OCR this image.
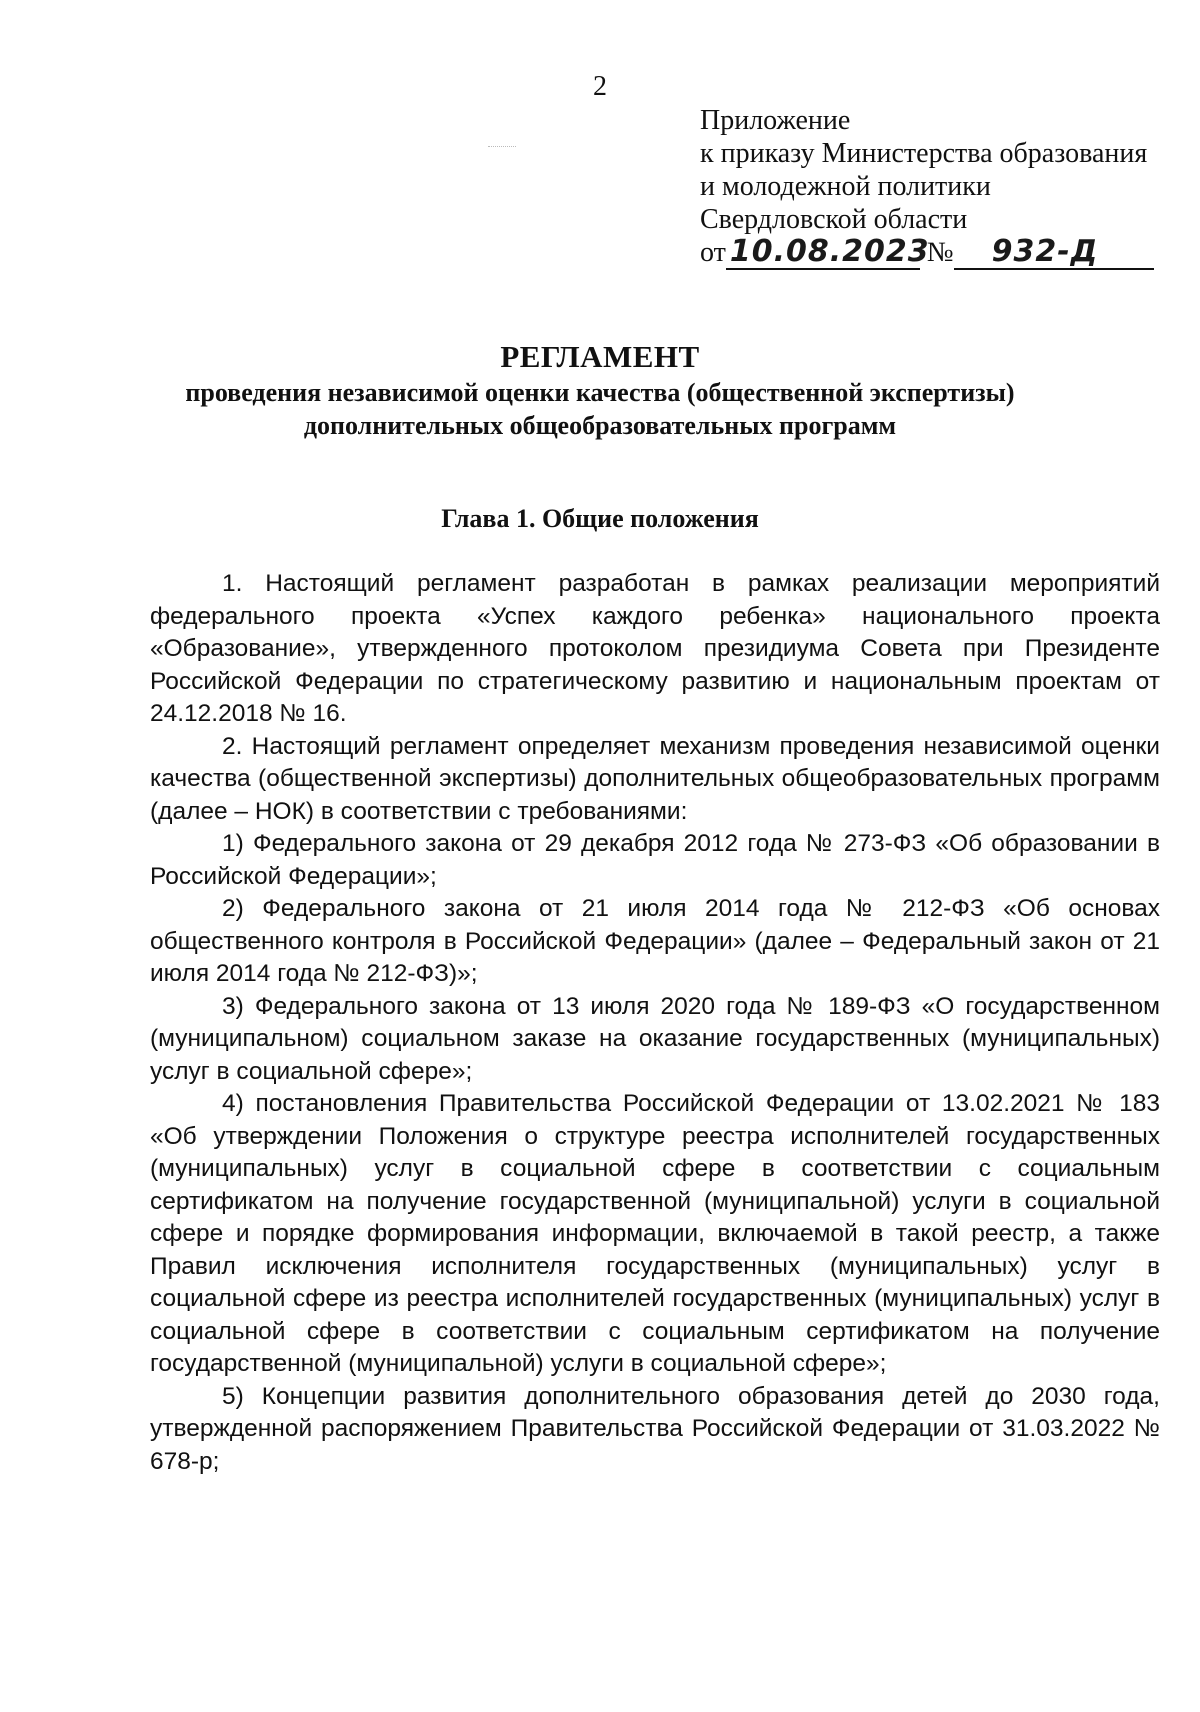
2
Приложение
к приказу Министерства образования
и молодежной политики
Свердловской области
от 10.08.2023 № 932-Д
РЕГЛАМЕНТ
проведения независимой оценки качества (общественной экспертизы)
дополнительных общеобразовательных программ
Глава 1. Общие положения

1. Настоящий регламент разработан в рамках реализации мероприятий федерального проекта «Успех каждого ребенка» национального проекта «Образование», утвержденного протоколом президиума Совета при Президенте Российской Федерации по стратегическому развитию и национальным проектам от 24.12.2018 № 16.

2. Настоящий регламент определяет механизм проведения независимой оценки качества (общественной экспертизы) дополнительных общеобразовательных программ (далее – НОК) в соответствии с требованиями:

1) Федерального закона от 29 декабря 2012 года № 273-ФЗ «Об образовании в Российской Федерации»;

2) Федерального закона от 21 июля 2014 года № 212-ФЗ «Об основах общественного контроля в Российской Федерации» (далее – Федеральный закон от 21 июля 2014 года № 212-ФЗ)»;

3) Федерального закона от 13 июля 2020 года № 189-ФЗ «О государственном (муниципальном) социальном заказе на оказание государственных (муниципальных) услуг в социальной сфере»;

4) постановления Правительства Российской Федерации от 13.02.2021 № 183 «Об утверждении Положения о структуре реестра исполнителей государственных (муниципальных) услуг в социальной сфере в соответствии с социальным сертификатом на получение государственной (муниципальной) услуги в социальной сфере и порядке формирования информации, включаемой в такой реестр, а также Правил исключения исполнителя государственных (муниципальных) услуг в социальной сфере из реестра исполнителей государственных (муниципальных) услуг в социальной сфере в соответствии с социальным сертификатом на получение государственной (муниципальной) услуги в социальной сфере»;

5) Концепции развития дополнительного образования детей до 2030 года, утвержденной распоряжением Правительства Российской Федерации от 31.03.2022 № 678-р;
